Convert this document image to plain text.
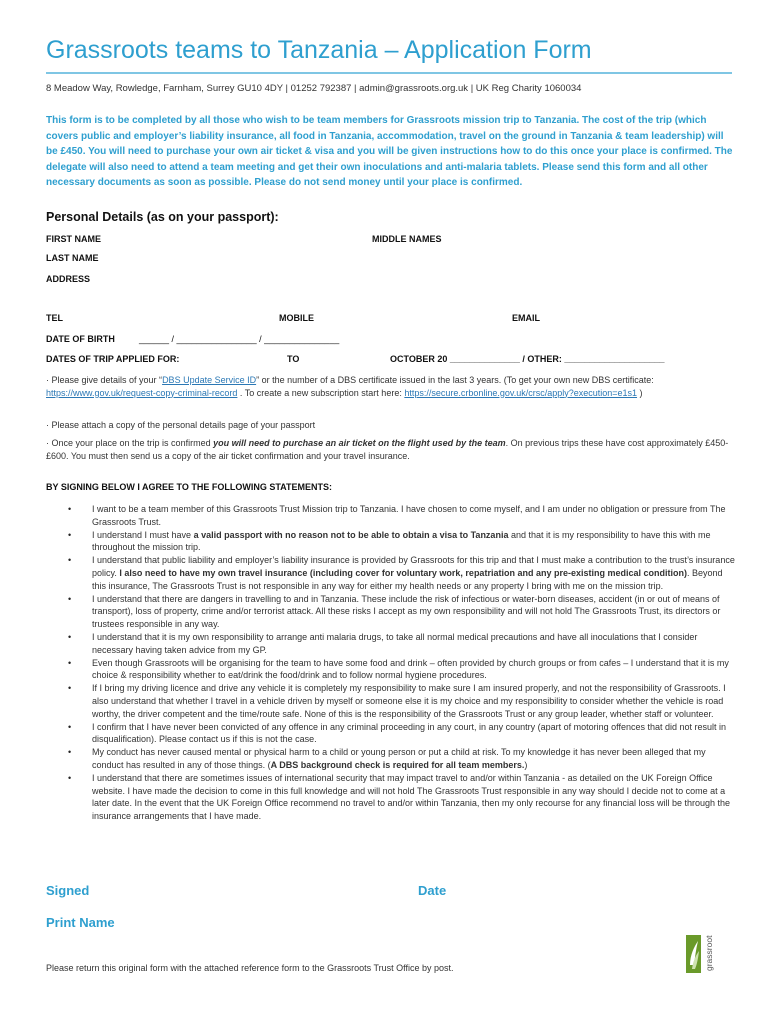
Grassroots teams to Tanzania – Application Form
8 Meadow Way, Rowledge, Farnham, Surrey GU10 4DY | 01252 792387 | admin@grassroots.org.uk | UK Reg Charity 1060034
This form is to be completed by all those who wish to be team members for Grassroots mission trip to Tanzania. The cost of the trip (which covers public and employer’s liability insurance, all food in Tanzania, accommodation, travel on the ground in Tanzania & team leadership) will be £450. You will need to purchase your own air ticket & visa and you will be given instructions how to do this once your place is confirmed. The delegate will also need to attend a team meeting and get their own inoculations and anti-malaria tablets. Please send this form and all other necessary documents as soon as possible. Please do not send money until your place is confirmed.
Personal Details (as on your passport):
FIRST NAME	MIDDLE NAMES
LAST NAME
ADDRESS
TEL	MOBILE	EMAIL
DATE OF BIRTH	______ / ________________ / _______________
DATES OF TRIP APPLIED FOR:	TO	OCTOBER 20 ______________ / OTHER: ____________________
· Please give details of your “DBS Update Service ID” or the number of a DBS certificate issued in the last 3 years. (To get your own new DBS certificate: https://www.gov.uk/request-copy-criminal-record . To create a new subscription start here: https://secure.crbonline.gov.uk/crsc/apply?execution=e1s1 )
· Please attach a copy of the personal details page of your passport
· Once your place on the trip is confirmed you will need to purchase an air ticket on the flight used by the team. On previous trips these have cost approximately £450-£600. You must then send us a copy of the air ticket confirmation and your travel insurance.
BY SIGNING BELOW I AGREE TO THE FOLLOWING STATEMENTS:
• I want to be a team member of this Grassroots Trust Mission trip to Tanzania. I have chosen to come myself, and I am under no obligation or pressure from The Grassroots Trust.
• I understand I must have a valid passport with no reason not to be able to obtain a visa to Tanzania and that it is my responsibility to have this with me throughout the mission trip.
• I understand that public liability and employer’s liability insurance is provided by Grassroots for this trip and that I must make a contribution to the trust’s insurance policy. I also need to have my own travel insurance (including cover for voluntary work, repatriation and any pre-existing medical condition). Beyond this insurance, The Grassroots Trust is not responsible in any way for either my health needs or any property I bring with me on the mission trip.
• I understand that there are dangers in travelling to and in Tanzania. These include the risk of infectious or water-born diseases, accident (in or out of means of transport), loss of property, crime and/or terrorist attack. All these risks I accept as my own responsibility and will not hold The Grassroots Trust, its directors or trustees responsible in any way.
• I understand that it is my own responsibility to arrange anti malaria drugs, to take all normal medical precautions and have all inoculations that I consider necessary having taken advice from my GP.
• Even though Grassroots will be organising for the team to have some food and drink – often provided by church groups or from cafes – I understand that it is my choice & responsibility whether to eat/drink the food/drink and to follow normal hygiene procedures.
• If I bring my driving licence and drive any vehicle it is completely my responsibility to make sure I am insured properly, and not the responsibility of Grassroots. I also understand that whether I travel in a vehicle driven by myself or someone else it is my choice and my responsibility to consider whether the vehicle is road worthy, the driver competent and the time/route safe. None of this is the responsibility of the Grassroots Trust or any group leader, whether staff or volunteer.
• I confirm that I have never been convicted of any offence in any criminal proceeding in any court, in any country (apart of motoring offences that did not result in disqualification). Please contact us if this is not the case.
• My conduct has never caused mental or physical harm to a child or young person or put a child at risk. To my knowledge it has never been alleged that my conduct has resulted in any of those things. (A DBS background check is required for all team members.)
• I understand that there are sometimes issues of international security that may impact travel to and/or within Tanzania - as detailed on the UK Foreign Office website. I have made the decision to come in this full knowledge and will not hold The Grassroots Trust responsible in any way should I decide not to come at a later date. In the event that the UK Foreign Office recommend no travel to and/or within Tanzania, then my only recourse for any financial loss will be through the insurance arrangements that I have made.
Signed	Date
Print Name
Please return this original form with the attached reference form to the Grassroots Trust Office by post.	grassroots
